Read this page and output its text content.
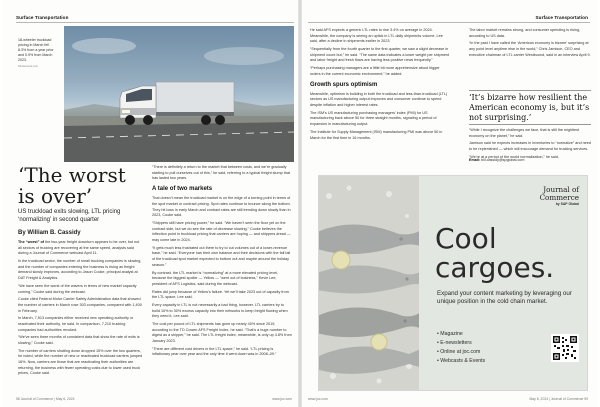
Surface Transportation
18-wheeler truckload pricing in March fell 8.3% from a year prior and 0.9% from March 2023.
Shutterstock.com
‘The worst is over’
US truckload exits slowing, LTL pricing ‘normalizing’ in second quarter
By William B. Cassidy

The “worst” of the two-year freight downturn appears to be over, but not all sectors of trucking are recovering at the same speed, analysts said during a Journal of Commerce webcast April 11.

In the truckload sector, the number of small trucking companies is slowing, and the number of companies entering the business is rising as freight demand slowly improves, according to Jason Cooke, principal analyst at DAT Freight & Analytics.

“We have seen the worst of the wavers in terms of new market capacity coming,” Cooke said during the webcast.

Cooke cited Federal Motor Carrier Safety Administration data that showed the number of carriers in March rose 303 companies, compared with 1,400 in February.

In March, 7,513 companies either received new operating authority or reactivated their authority, he said. In comparison, 7,210 trucking companies had authorities revoked.

“We’ve seen three months of consistent data that show the rate of exits is slowing,” Cooke said.

The number of carriers shutting down dropped 15% over the two quarters, he noted, while the number of new or reactivated truckload carriers jumped 16%. Now, carriers are those that are reactivating their authorities are returning, the business with fewer operating costs due to lower used truck prices, Cooke said.

“There is definitely a return to the market that between costs, and we’re gradually starting to pull ourselves out of this,” he said, referring to a typical freight slump that has lasted two years.

A tale of two markets

That doesn’t mean the truckload market is on the edge of a turning point in terms of the spot market or contract pricing. Spot rates continue to bounce along the bottom. They hit lows in early March and contract rates are still trending down slowly than in 2023, Cooke said.

“Shippers still have pricing power,” he said. “We haven’t seen the floor yet on the contract side, but we do see the rate of decrease slowing.” Cooke believes the inflection point in truckload pricing that carriers are hoping — and shippers dread — may come late in 2024.

“It gets much less frustrated out there to try to cut volumes out of a lower-revenue base,” he said. “Everyone has their own balance and their decisions with the fall tail of the truckload spot market expected to bottom out and maybe around the holiday season.”

By contrast, the LTL market is “normalizing” at a more elevated pricing level, because the biggest spoiler — Yellow — “went out of business,” Kevin Lee, president of AFS Logistics, said during the webcast.

Rates did jump because of Yellow’s failure. Yet we’ll take 2023 out of capacity from the LTL space, Lee said.

Every capacity in LTL is not necessarily a bad thing, however. LTL carriers try to build 10% to 30% excess capacity into their networks to keep freight flowing when they need it, Lee said.

The cost per pound of LTL shipments has gone up nearly 40% since 2019, according to the TD Cowen AFS Freight Index, he said. “That’s a huge number to digest as a shipper,” he said. The LTL freight index, meanwhile, is only up 4.8% from January 2023.

“There are different cost drivers in the LTL space,” he said. “LTL pricing is inflationary year over year and the only time it went down was in 2008–09.”

58 Journal of Commerce | May 6, 2024	www.joc.com
Surface Transportation

He said AFS expects a generic LTL rates to rise 3.4% on average in 2024. Meanwhile, the company is seeing an uptick in LTL daily shipments volume, Lee said, after a decline in shipments earlier in 2023.

“Sequentially from the fourth quarter to the first quarter, we saw a slight decrease in shipment count but,” he said. “The same data indicates a lower weight per shipment and labor freight and fresh flows are having less positive news frequently.”

“Perhaps purchasing managers are a little bit more apprehensive about bigger orders in the current economic environment,” he added.

Growth spurs optimism

Meanwhile, optimism is building in both the truckload and less-than-truckload (LTL) sectors as US manufacturing output improves and consumer continue to spend despite inflation and higher interest rates.

The ISM’s US manufacturing purchasing managers’ index (PMI) for US manufacturing back above 50 for three straight months, signaling a period of expansion in manufacturing output.

The Institute for Supply Management (ISM) manufacturing PMI was above 50 in March for the first time in 16 months.

The labor market remains strong, and consumer spending is rising, according to US data.

“In the past I have called the ‘American economy is bizarre’ surprising at any point level anytime else in the world,” Chris Jamison, CEO and executive chairman of LTL carrier Westbound, said in an interview April 9.

‘It’s bizarre how resilient the American economy is, but it’s not surprising.’

“While I recognize the challenges we face, that is still the mightiest economy on the planet,” he said.

Jamison said he expects increases in inventories to “normalize” and need to be replenished — which will encourage demand for trucking services.

“We’re at a period of the world normalization,” he said.

Email: bill.cassidy@spglobal.com
www.joc.com	May 6, 2024 | Journal of Commerce 59
Journal of
Commerce
by S&P Global
Cool
cargoes.
Expand your content marketing by leveraging our unique position in the cold chain market.
• Magazine
• E-newsletters
• Online at joc.com
• Webcasts & Events
